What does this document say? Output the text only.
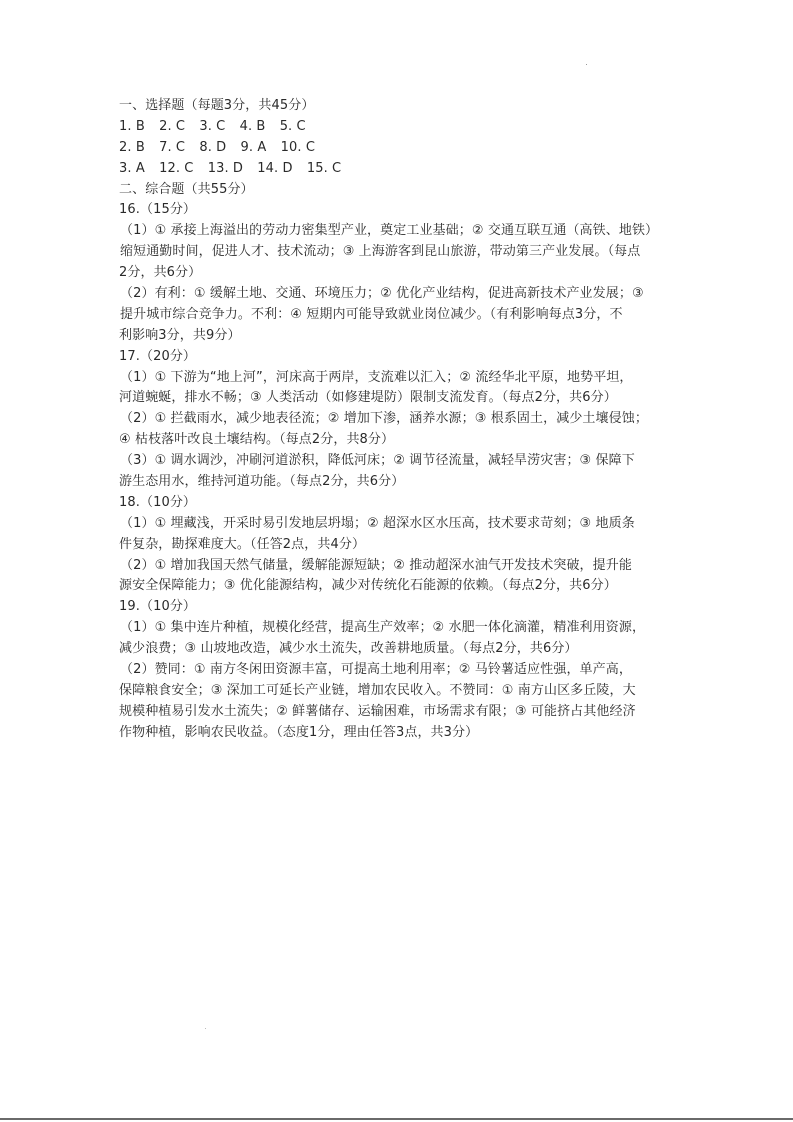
一、选择题（每题3分，共45分）
1. B 2. C 3. C 4. B 5. C
2. B 7. C 8. D 9. A 10. C
3. A 12. C 13. D 14. D 15. C
二、综合题（共55分）
16.（15分）
（1）① 承接上海溢出的劳动力密集型产业，奠定工业基础；② 交通互联互通（高铁、地铁）
缩短通勤时间，促进人才、技术流动；③ 上海游客到昆山旅游，带动第三产业发展。（每点
2分，共6分）
（2）有利：① 缓解土地、交通、环境压力；② 优化产业结构，促进高新技术产业发展；③
提升城市综合竞争力。不利：④ 短期内可能导致就业岗位减少。（有利影响每点3分，不
利影响3分，共9分）
17.（20分）
（1）① 下游为“地上河”，河床高于两岸，支流难以汇入；② 流经华北平原，地势平坦，
河道蜿蜒，排水不畅；③ 人类活动（如修建堤防）限制支流发育。（每点2分，共6分）
（2）① 拦截雨水，减少地表径流；② 增加下渗，涵养水源；③ 根系固土，减少土壤侵蚀；
④ 枯枝落叶改良土壤结构。（每点2分，共8分）
（3）① 调水调沙，冲刷河道淤积，降低河床；② 调节径流量，减轻旱涝灾害；③ 保障下
游生态用水，维持河道功能。（每点2分，共6分）
18.（10分）
（1）① 埋藏浅，开采时易引发地层坍塌；② 超深水区水压高，技术要求苛刻；③ 地质条
件复杂，勘探难度大。（任答2点，共4分）
（2）① 增加我国天然气储量，缓解能源短缺；② 推动超深水油气开发技术突破，提升能
源安全保障能力；③ 优化能源结构，减少对传统化石能源的依赖。（每点2分，共6分）
19.（10分）
（1）① 集中连片种植，规模化经营，提高生产效率；② 水肥一体化滴灌，精准利用资源，
减少浪费；③ 山坡地改造，减少水土流失，改善耕地质量。（每点2分，共6分）
（2）赞同：① 南方冬闲田资源丰富，可提高土地利用率；② 马铃薯适应性强，单产高，
保障粮食安全；③ 深加工可延长产业链，增加农民收入。不赞同：① 南方山区多丘陵，大
规模种植易引发水土流失；② 鲜薯储存、运输困难，市场需求有限；③ 可能挤占其他经济
作物种植，影响农民收益。（态度1分，理由任答3点，共3分）
